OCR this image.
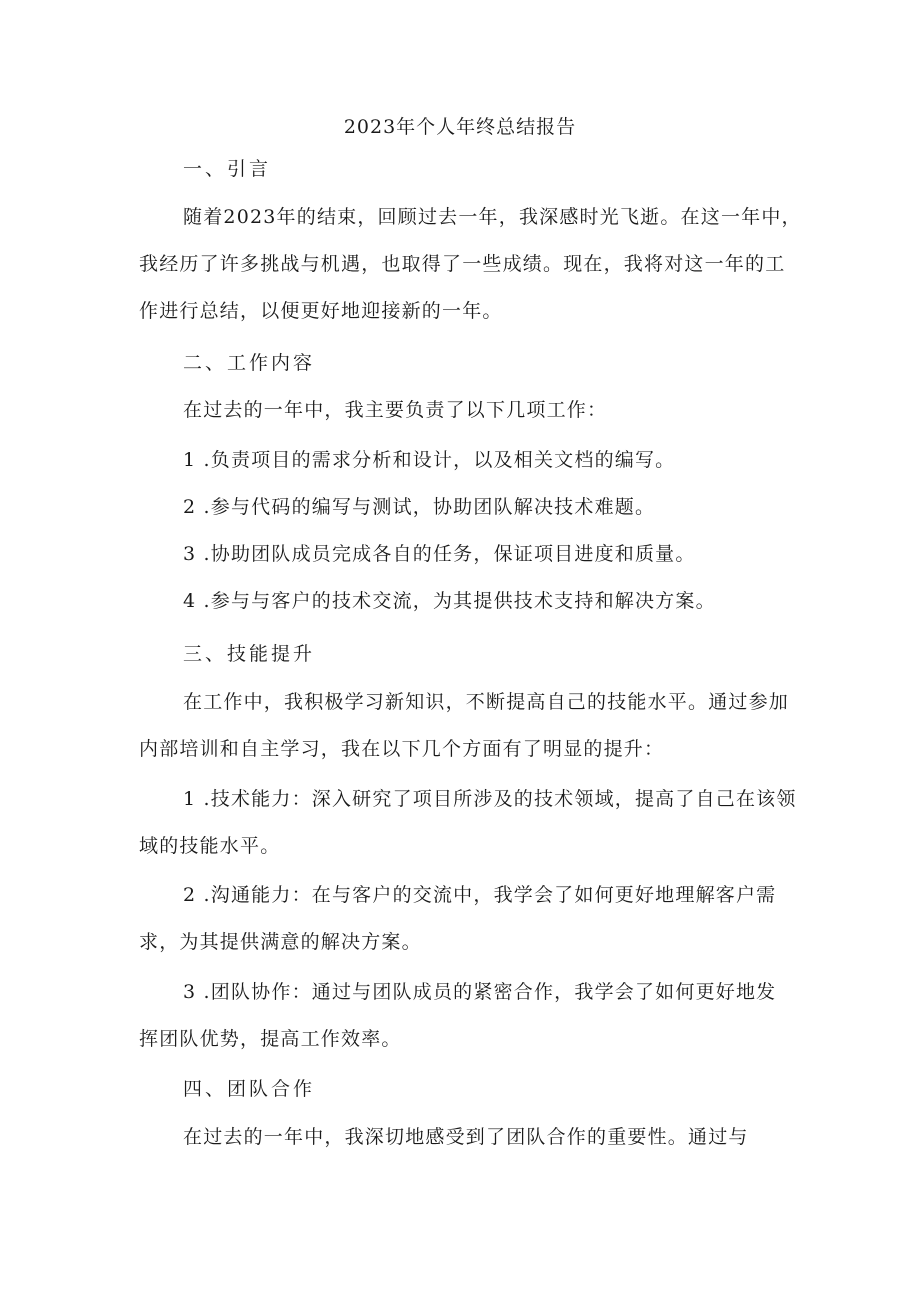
2023年个人年终总结报告
一、引言
随着2023年的结束，回顾过去一年，我深感时光飞逝。在这一年中，
我经历了许多挑战与机遇，也取得了一些成绩。现在，我将对这一年的工
作进行总结，以便更好地迎接新的一年。
二、工作内容
在过去的一年中，我主要负责了以下几项工作：
1 .负责项目的需求分析和设计，以及相关文档的编写。
2 .参与代码的编写与测试，协助团队解决技术难题。
3 .协助团队成员完成各自的任务，保证项目进度和质量。
4 .参与与客户的技术交流，为其提供技术支持和解决方案。
三、技能提升
在工作中，我积极学习新知识，不断提高自己的技能水平。通过参加
内部培训和自主学习，我在以下几个方面有了明显的提升：
1 .技术能力：深入研究了项目所涉及的技术领域，提高了自己在该领
域的技能水平。
2 .沟通能力：在与客户的交流中，我学会了如何更好地理解客户需
求，为其提供满意的解决方案。
3 .团队协作：通过与团队成员的紧密合作，我学会了如何更好地发
挥团队优势，提高工作效率。
四、团队合作
在过去的一年中，我深切地感受到了团队合作的重要性。通过与
